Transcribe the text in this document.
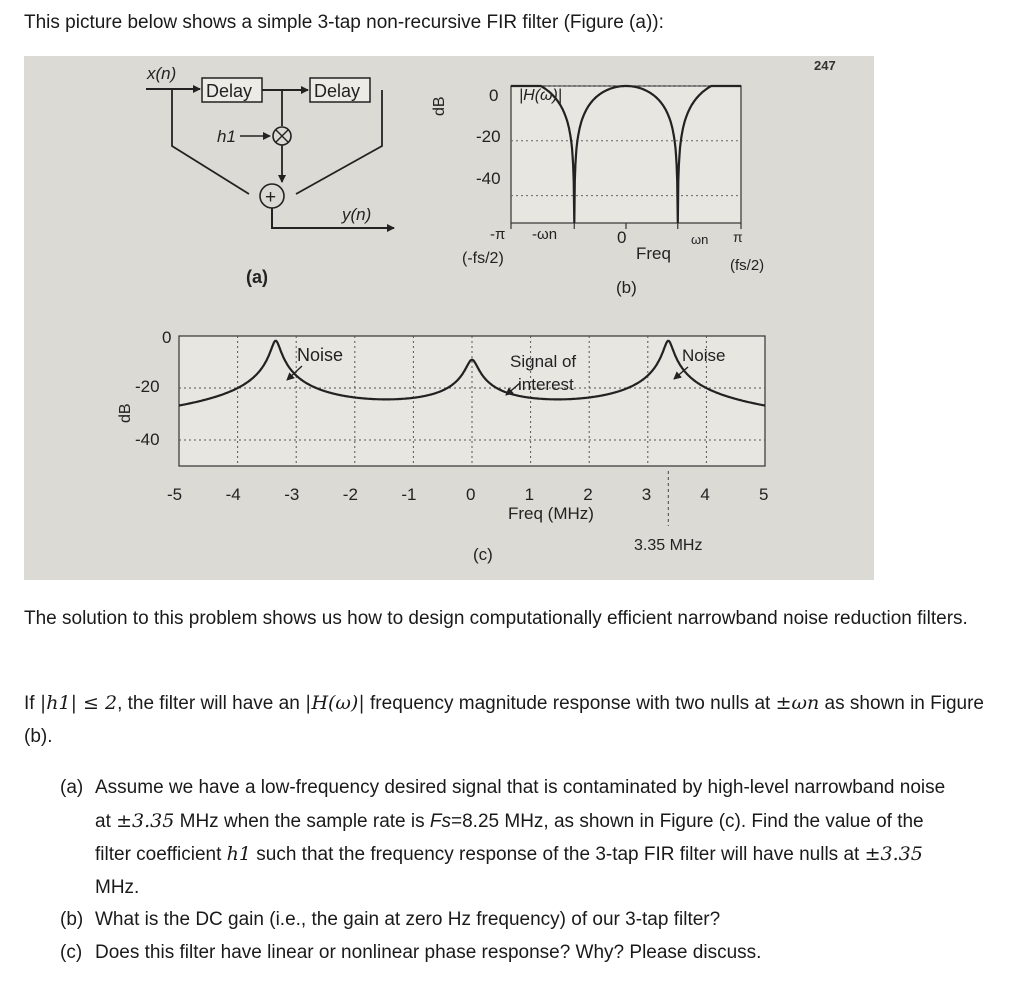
This picture below shows a simple 3-tap non-recursive FIR filter (Figure (a)):
247
x(n)
Delay	Delay
h1
+
y(n)
(a)
dB
0
-20
-40
|H(ω)|
-π -ωn	0	ωn π
(-fs/2)	(fs/2)
Freq
(b)
dB
0
-20
-40
-5	-4	-3	-2	-1	0	1	2	3	4	5
Noise	Signal of
interest
Noise
Freq (MHz)
3.35 MHz
(c)

The solution to this problem shows us how to design computationally efficient narrowband noise reduction filters.

If |h1| ≤ 2, the filter will have an |H(ω)| frequency magnitude response with two nulls at ±ωn as shown in Figure (b).

(a) Assume we have a low-frequency desired signal that is contaminated by high-level narrowband noise at ±3.35 MHz when the sample rate is Fs=8.25 MHz, as shown in Figure (c). Find the value of the filter coefficient h1 such that the frequency response of the 3-tap FIR filter will have nulls at ±3.35 MHz.
(b) What is the DC gain (i.e., the gain at zero Hz frequency) of our 3-tap filter?
(c) Does this filter have linear or nonlinear phase response? Why? Please discuss.
